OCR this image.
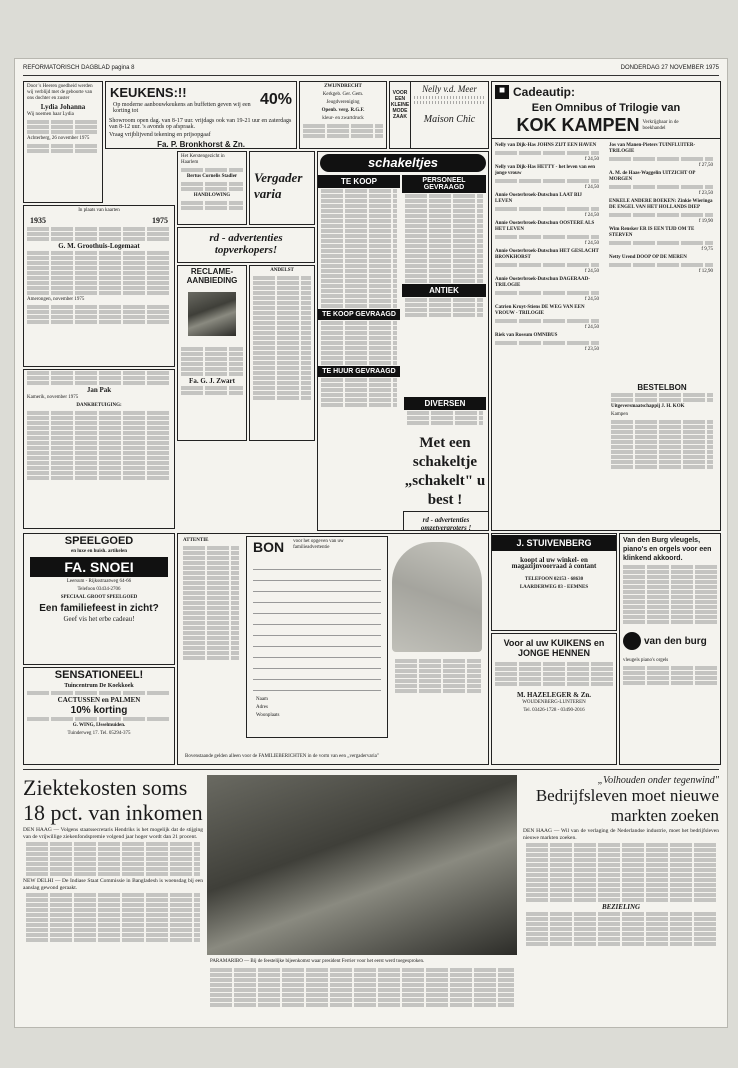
REFORMATORISCH DAGBLAD pagina 8	DONDERDAG 27 NOVEMBER 1975
Door 's Heeren goedheid werden wij verblijd met de geboorte van ons dochter en zuster
Lydia Johanna
Wij noemen haar Lydia
Achterberg, 26 november 1975
KEUKENS:!!
Op moderne aanbouwkeukens an buffetten geven wij een korting tot
40%
Showroom open dag. van 8-17 uur. vrijdags ook van 19-21 uur en zaterdags van 8-12 uur. 's avonds op afspraak.
Vraag vrijblijvend tekening en prijsopgaaf
Fa. P. Bronkhorst & Zn.
ZWIJNDRECHT
Kerkgeb. Ger. Gem.
Jeugdvereniging
Openb. verg. R.G.F.
kleur- en zwartdruck
VOOR
EEN
KLEINE
MODE
ZAAK
Nelly v.d. Meer
Maison Chic
■ Cadeautip:
Een Omnibus of Trilogie van
KOK KAMPEN Verkrijgbaar in de boekhandel
Nelly van Dijk-Has JOHNS ZIJT EEN HAVEN
f 24,50
Nelly van Dijk-Has HETTY - het leven van een jonge vrouw
f 24,50
Annie Oosterbroek-Dutschun LAAT BIJ LEVEN
f 24,50
Annie Oosterbroek-Dutschun OOSTERE ALS HET LEVEN
f 24,50
Annie Oosterbroek-Dutschun HET GESLACHT BRONKHORST
f 24,50
Annie Oosterbroek-Dutschun DAGERAAD-TRILOGIE
f 24,50
Catrien Kruyt-Stiens DE WEG VAN EEN VROUW - TRILOGIE
f 24,50
Riek van Rossum OMNIBUS
f 23,50
Jos van Manen-Pieters TUINFLUITER-TRILOGIE
f 27,50
A. M. de Haas-Waggelin UITZICHT OP MORGEN
f 23,50
ENKELE ANDERE BOEKEN: Zinkie Wieringa DE ENGEL VAN HET HOLLANDS DIEP
f 19,90
Wim Rensker ER IS EEN TIJD OM TE STERVEN
f 9,75
Netty Urend DOOP OP DE MEREN
f 12,90
BESTELBON
Uitgeversmaatschappij J. H. KOK
Kampen
In plaats van kaarten
1935	1975
G. M. Groothuis-Logemaat
Amerongen, november 1975
Jan Pak
Kamerik, november 1975
DANKBETUIGING:
Het Kerstengezicht in Haarlem
Bertus Cornelis Stadler
HANDLOWING
Vergader varia
rd - advertenties topverkopers!
RECLAME-AANBIEDING
Fa. G. J. Zwart
ANDELST
schakeltjes
TE KOOP
TE KOOP GEVRAAGD
TE HUUR GEVRAAGD
PERSONEEL GEVRAAGD
ANTIEK
DIVERSEN
Met een schakeltje „schakelt" u best !
SPEELGOED
en luxe en huish. artikelen
FA. SNOEI
Leersum - Rijksstraatweg 64-66
Telefoon 03434-2706
SPECIAAL GROOT SPEELGOED
Een familiefeest in zicht?
Geef vis het erbe cadeau!
SENSATIONEEL!
Tuincentrum De Koekkoek
CACTUSSEN en PALMEN
10% korting
G. WING, IJsselmuiden.
Tuinderweg 17. Tel. 05294-375
ATTENTIE	BON voor het opgeven van uw familieadvertentie
Naam
Adres
Woonplaats
Bovenstaande gelden alleen voor de FAMILIEBERICHTEN in de vorm van een „vergadervaria"
rd - advertenties omzetvergroters !
J. STUIVENBERG
koopt al uw winkel- en magazijnvoorraad à contant
TELEFOON 02153 - 68630
LAARDERWEG 83 - EEMNES
Voor al uw KUIKENS en JONGE HENNEN
M. HAZELEGER & Zn.
WOUDENBERG-LUNTEREN
Tel. 03426-1728 - 03490-2016
Van den Burg vleugels, piano's en orgels voor een klinkend akkoord.
van den burg
vleugels piano's orgels
Ziektekosten soms 18 pct. van inkomen

DEN HAAG — Volgens staatssecretaris Hendriks is het mogelijk dat de stijging van de vrijwillige ziekenfondspremie volgend jaar hoger wordt dan 21 procent.

NEW DELHI — De Indiase Staat Commissie in Bangladesh is woensdag bij een aanslag gewond geraakt.

PARAMARIBO — Bij de feestelijke bijeenkomst waar president Ferrier voor het eerst werd toegesproken.
„Volhouden onder tegenwind"
Bedrijfsleven moet nieuwe markten zoeken

DEN HAAG — Wil van de verlaging de Nederlandse industrie, moet het bedrijfsleven nieuwe markten zoeken.

BEZIELING
